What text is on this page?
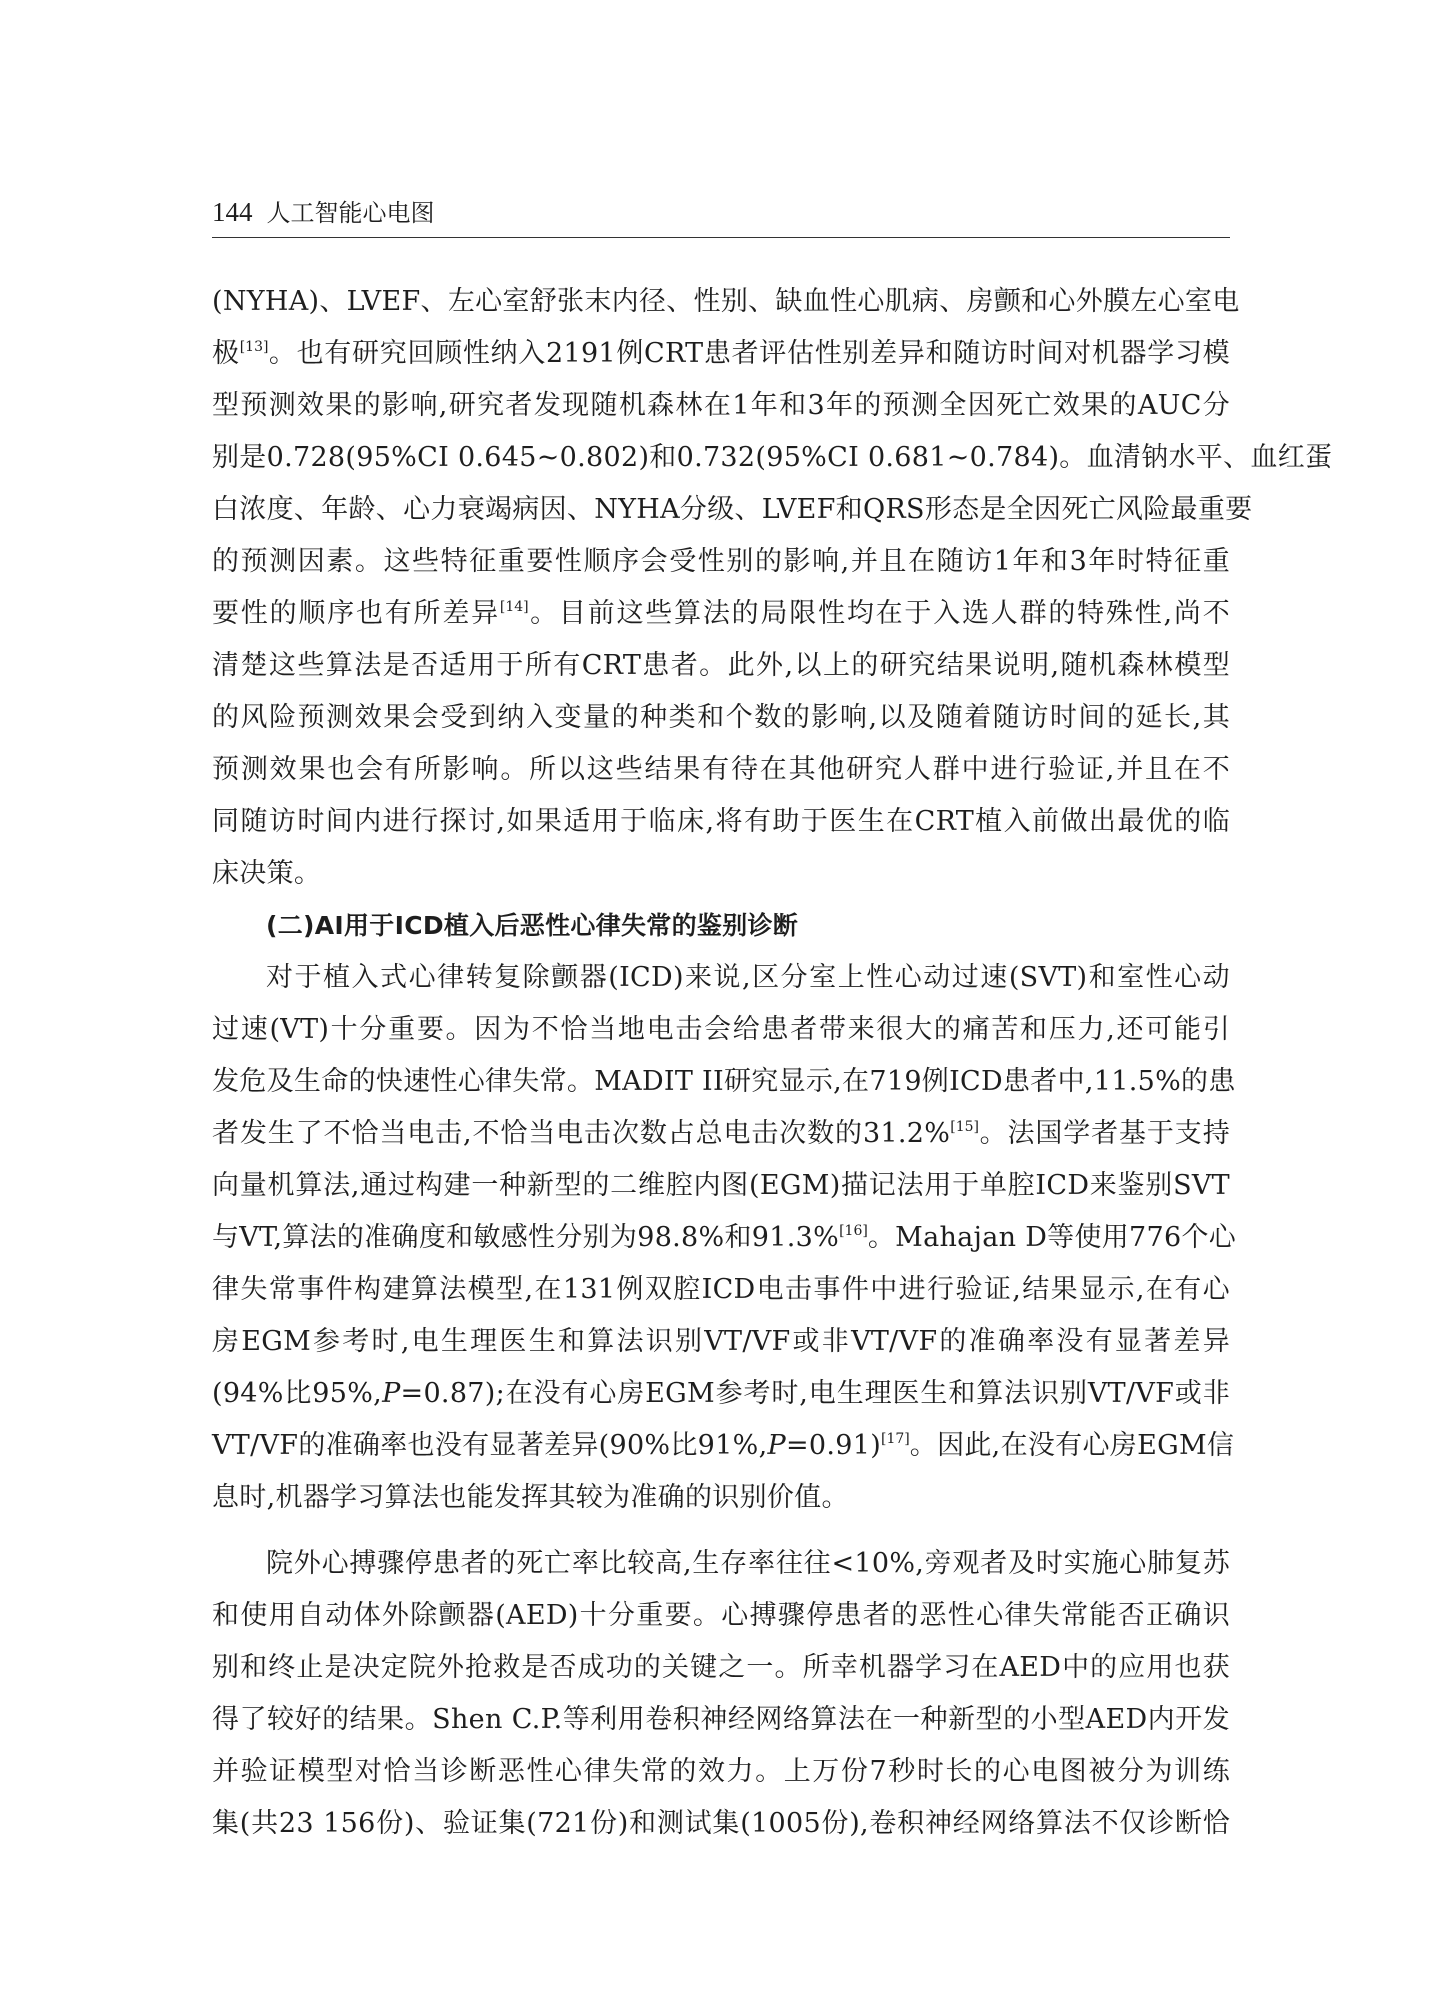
144 人工智能心电图
(NYHA)、LVEF、左心室舒张末内径、性别、缺血性心肌病、房颤和心外膜左心室电
极[13]。也有研究回顾性纳入2191例CRT患者评估性别差异和随访时间对机器学习模
型预测效果的影响,研究者发现随机森林在1年和3年的预测全因死亡效果的AUC分
别是0.728(95%CI 0.645~0.802)和0.732(95%CI 0.681~0.784)。血清钠水平、血红蛋
白浓度、年龄、心力衰竭病因、NYHA分级、LVEF和QRS形态是全因死亡风险最重要
的预测因素。这些特征重要性顺序会受性别的影响,并且在随访1年和3年时特征重
要性的顺序也有所差异[14]。目前这些算法的局限性均在于入选人群的特殊性,尚不
清楚这些算法是否适用于所有CRT患者。此外,以上的研究结果说明,随机森林模型
的风险预测效果会受到纳入变量的种类和个数的影响,以及随着随访时间的延长,其
预测效果也会有所影响。所以这些结果有待在其他研究人群中进行验证,并且在不
同随访时间内进行探讨,如果适用于临床,将有助于医生在CRT植入前做出最优的临
床决策。
(二)AI用于ICD植入后恶性心律失常的鉴别诊断
对于植入式心律转复除颤器(ICD)来说,区分室上性心动过速(SVT)和室性心动
过速(VT)十分重要。因为不恰当地电击会给患者带来很大的痛苦和压力,还可能引
发危及生命的快速性心律失常。MADIT II研究显示,在719例ICD患者中,11.5%的患
者发生了不恰当电击,不恰当电击次数占总电击次数的31.2%[15]。法国学者基于支持
向量机算法,通过构建一种新型的二维腔内图(EGM)描记法用于单腔ICD来鉴别SVT
与VT,算法的准确度和敏感性分别为98.8%和91.3%[16]。Mahajan D等使用776个心
律失常事件构建算法模型,在131例双腔ICD电击事件中进行验证,结果显示,在有心
房EGM参考时,电生理医生和算法识别VT/VF或非VT/VF的准确率没有显著差异
(94%比95%,P=0.87);在没有心房EGM参考时,电生理医生和算法识别VT/VF或非
VT/VF的准确率也没有显著差异(90%比91%,P=0.91)[17]。因此,在没有心房EGM信
息时,机器学习算法也能发挥其较为准确的识别价值。
院外心搏骤停患者的死亡率比较高,生存率往往<10%,旁观者及时实施心肺复苏
和使用自动体外除颤器(AED)十分重要。心搏骤停患者的恶性心律失常能否正确识
别和终止是决定院外抢救是否成功的关键之一。所幸机器学习在AED中的应用也获
得了较好的结果。Shen C.P.等利用卷积神经网络算法在一种新型的小型AED内开发
并验证模型对恰当诊断恶性心律失常的效力。上万份7秒时长的心电图被分为训练
集(共23 156份)、验证集(721份)和测试集(1005份),卷积神经网络算法不仅诊断恰
